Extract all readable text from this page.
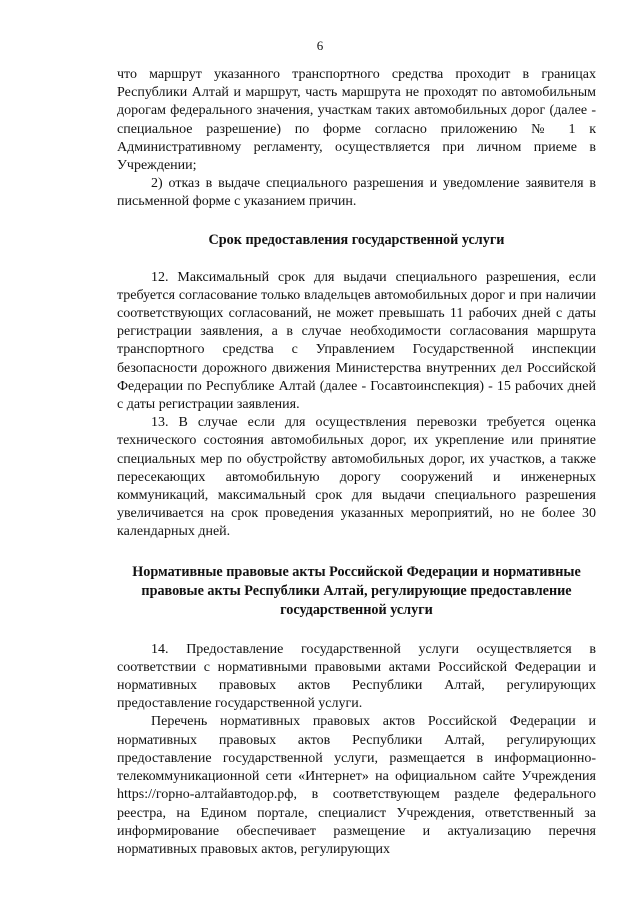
6

что маршрут указанного транспортного средства проходит в границах Республики Алтай и маршрут, часть маршрута не проходят по автомобильным дорогам федерального значения, участкам таких автомобильных дорог (далее - специальное разрешение) по форме согласно приложению № 1 к Административному регламенту, осуществляется при личном приеме в Учреждении;

2) отказ в выдаче специального разрешения и уведомление заявителя в письменной форме с указанием причин.

Срок предоставления государственной услуги

12. Максимальный срок для выдачи специального разрешения, если требуется согласование только владельцев автомобильных дорог и при наличии соответствующих согласований, не может превышать 11 рабочих дней с даты регистрации заявления, а в случае необходимости согласования маршрута транспортного средства с Управлением Государственной инспекции безопасности дорожного движения Министерства внутренних дел Российской Федерации по Республике Алтай (далее - Госавтоинспекция) - 15 рабочих дней с даты регистрации заявления.

13. В случае если для осуществления перевозки требуется оценка технического состояния автомобильных дорог, их укрепление или принятие специальных мер по обустройству автомобильных дорог, их участков, а также пересекающих автомобильную дорогу сооружений и инженерных коммуникаций, максимальный срок для выдачи специального разрешения увеличивается на срок проведения указанных мероприятий, но не более 30 календарных дней.

Нормативные правовые акты Российской Федерации и нормативные правовые акты Республики Алтай, регулирующие предоставление государственной услуги

14. Предоставление государственной услуги осуществляется в соответствии с нормативными правовыми актами Российской Федерации и нормативных правовых актов Республики Алтай, регулирующих предоставление государственной услуги.

Перечень нормативных правовых актов Российской Федерации и нормативных правовых актов Республики Алтай, регулирующих предоставление государственной услуги, размещается в информационно-телекоммуникационной сети «Интернет» на официальном сайте Учреждения https://горно-алтайавтодор.рф, в соответствующем разделе федерального реестра, на Едином портале, специалист Учреждения, ответственный за информирование обеспечивает размещение и актуализацию перечня нормативных правовых актов, регулирующих
